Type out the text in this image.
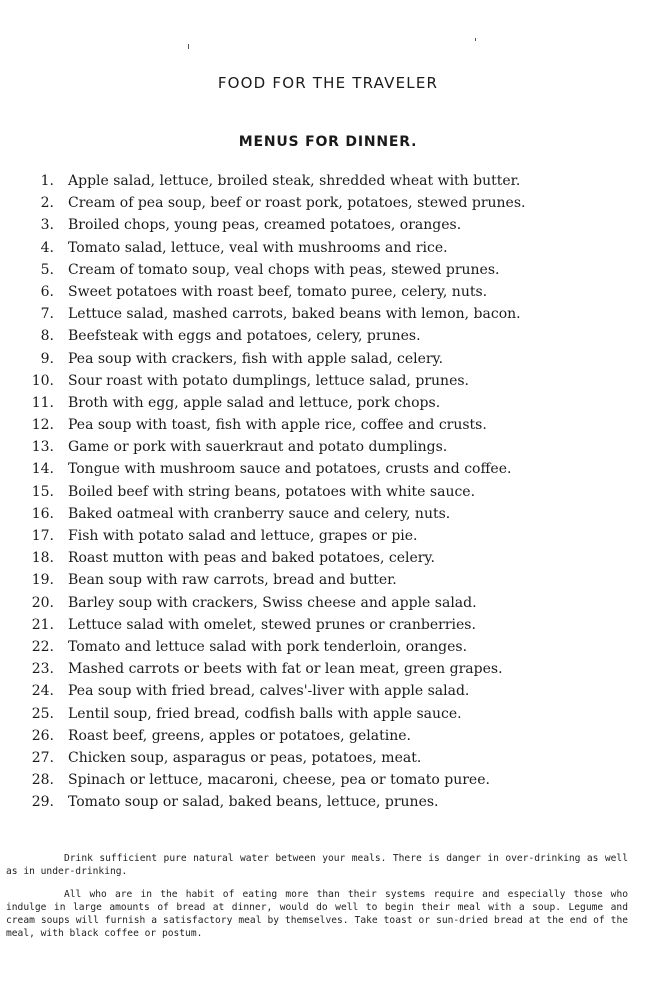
FOOD FOR THE TRAVELER
MENUS FOR DINNER.
1.	Apple salad, lettuce, broiled steak, shredded wheat with butter.
2.	Cream of pea soup, beef or roast pork, potatoes, stewed prunes.
3.	Broiled chops, young peas, creamed potatoes, oranges.
4.	Tomato salad, lettuce, veal with mushrooms and rice.
5.	Cream of tomato soup, veal chops with peas, stewed prunes.
6.	Sweet potatoes with roast beef, tomato puree, celery, nuts.
7.	Lettuce salad, mashed carrots, baked beans with lemon, bacon.
8.	Beefsteak with eggs and potatoes, celery, prunes.
9.	Pea soup with crackers, fish with apple salad, celery.
10.	Sour roast with potato dumplings, lettuce salad, prunes.
11.	Broth with egg, apple salad and lettuce, pork chops.
12.	Pea soup with toast, fish with apple rice, coffee and crusts.
13.	Game or pork with sauerkraut and potato dumplings.
14.	Tongue with mushroom sauce and potatoes, crusts and coffee.
15.	Boiled beef with string beans, potatoes with white sauce.
16.	Baked oatmeal with cranberry sauce and celery, nuts.
17.	Fish with potato salad and lettuce, grapes or pie.
18.	Roast mutton with peas and baked potatoes, celery.
19.	Bean soup with raw carrots, bread and butter.
20.	Barley soup with crackers, Swiss cheese and apple salad.
21.	Lettuce salad with omelet, stewed prunes or cranberries.
22.	Tomato and lettuce salad with pork tenderloin, oranges.
23.	Mashed carrots or beets with fat or lean meat, green grapes.
24.	Pea soup with fried bread, calves'-liver with apple salad.
25.	Lentil soup, fried bread, codfish balls with apple sauce.
26.	Roast beef, greens, apples or potatoes, gelatine.
27.	Chicken soup, asparagus or peas, potatoes, meat.
28.	Spinach or lettuce, macaroni, cheese, pea or tomato puree.
29.	Tomato soup or salad, baked beans, lettuce, prunes.

Drink sufficient pure natural water between your meals. There is danger in over-drinking as well as in under-drinking.

All who are in the habit of eating more than their systems require and especially those who indulge in large amounts of bread at dinner, would do well to begin their meal with a soup. Legume and cream soups will furnish a satisfactory meal by themselves. Take toast or sun-dried bread at the end of the meal, with black coffee or postum.
